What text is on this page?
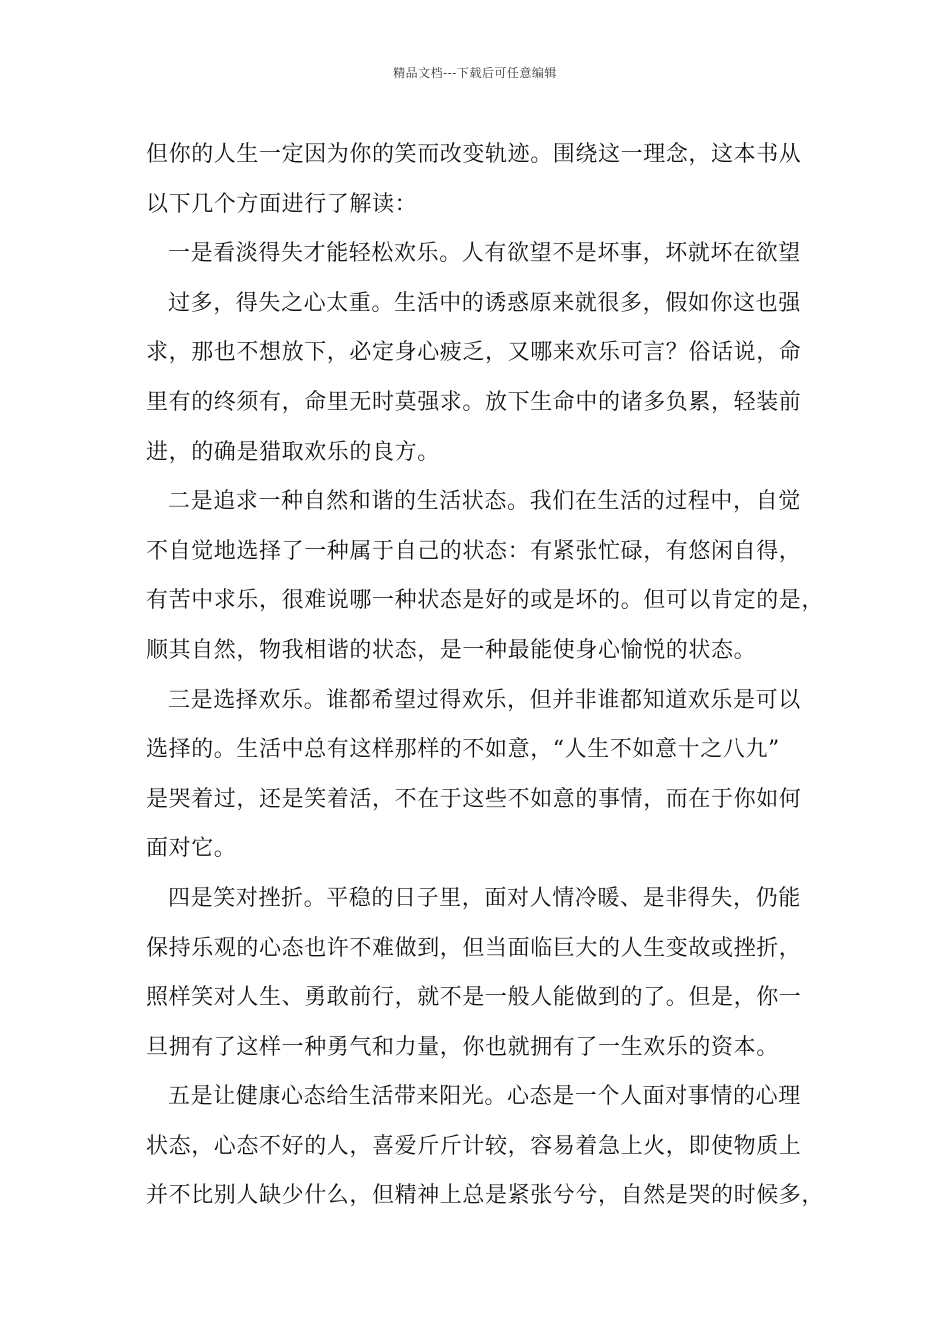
精品文档---下载后可任意编辑
但你的人生一定因为你的笑而改变轨迹。围绕这一理念，这本书从
以下几个方面进行了解读：
一是看淡得失才能轻松欢乐。人有欲望不是坏事，坏就坏在欲望
过多，得失之心太重。生活中的诱惑原来就很多，假如你这也强
求，那也不想放下，必定身心疲乏，又哪来欢乐可言？俗话说，命
里有的终须有，命里无时莫强求。放下生命中的诸多负累，轻装前
进，的确是猎取欢乐的良方。
二是追求一种自然和谐的生活状态。我们在生活的过程中，自觉
不自觉地选择了一种属于自己的状态：有紧张忙碌，有悠闲自得，
有苦中求乐，很难说哪一种状态是好的或是坏的。但可以肯定的是，
顺其自然，物我相谐的状态，是一种最能使身心愉悦的状态。
三是选择欢乐。谁都希望过得欢乐，但并非谁都知道欢乐是可以
选择的。生活中总有这样那样的不如意，“人生不如意十之八九”
是哭着过，还是笑着活，不在于这些不如意的事情，而在于你如何
面对它。
四是笑对挫折。平稳的日子里，面对人情冷暖、是非得失，仍能
保持乐观的心态也许不难做到，但当面临巨大的人生变故或挫折，
照样笑对人生、勇敢前行，就不是一般人能做到的了。但是，你一
旦拥有了这样一种勇气和力量，你也就拥有了一生欢乐的资本。
五是让健康心态给生活带来阳光。心态是一个人面对事情的心理
状态，心态不好的人，喜爱斤斤计较，容易着急上火，即使物质上
并不比别人缺少什么，但精神上总是紧张兮兮，自然是哭的时候多，
